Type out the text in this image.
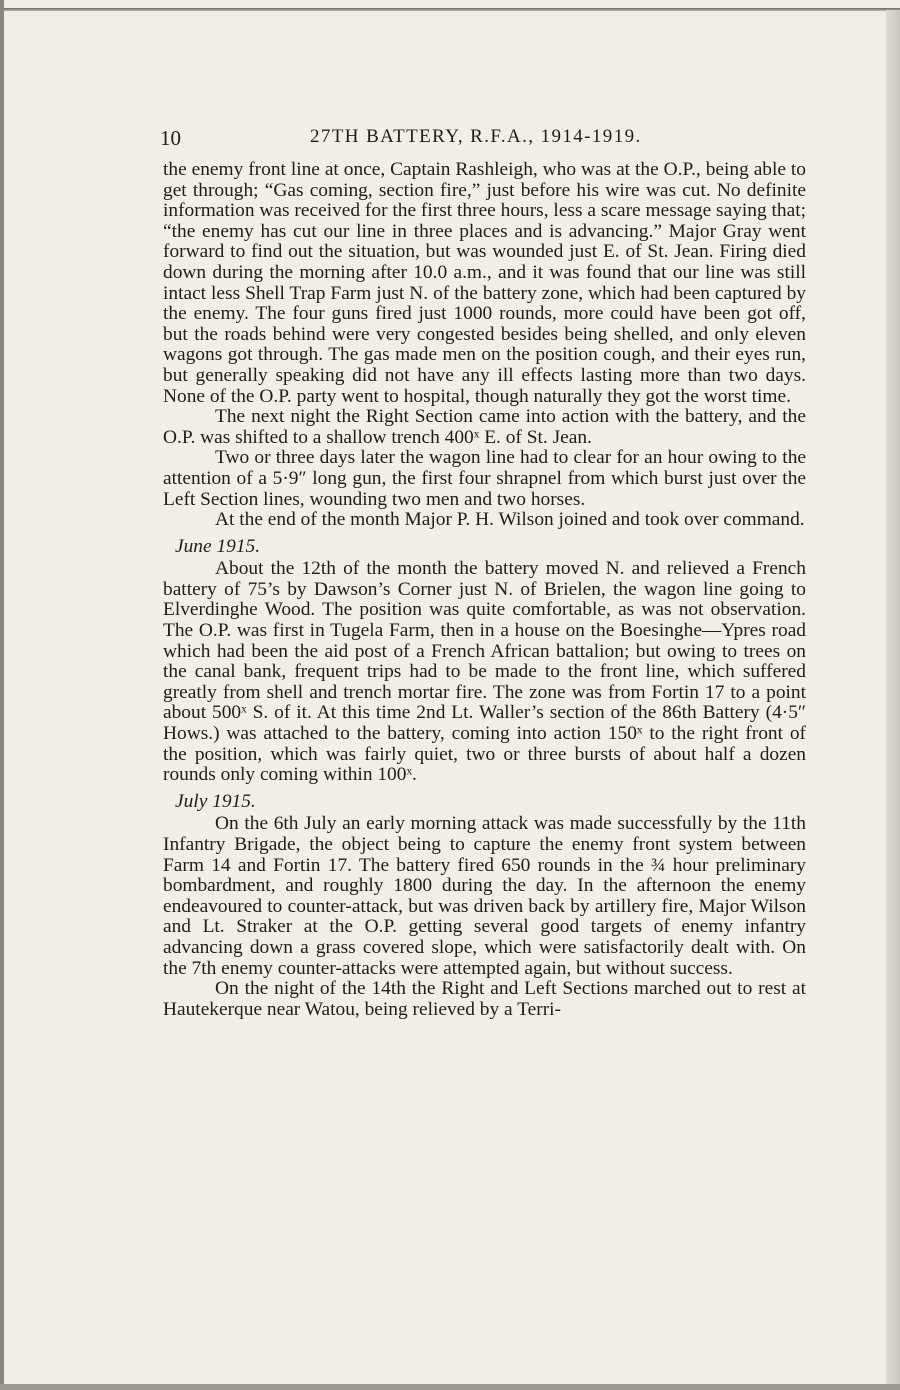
10	27TH BATTERY, R.F.A., 1914-1919.

the enemy front line at once, Captain Rashleigh, who was at the O.P., being able to get through; “Gas coming, section fire,” just before his wire was cut. No definite information was received for the first three hours, less a scare message saying that; “the enemy has cut our line in three places and is advancing.” Major Gray went forward to find out the situation, but was wounded just E. of St. Jean. Firing died down during the morning after 10.0 a.m., and it was found that our line was still intact less Shell Trap Farm just N. of the battery zone, which had been captured by the enemy. The four guns fired just 1000 rounds, more could have been got off, but the roads behind were very congested besides being shelled, and only eleven wagons got through. The gas made men on the position cough, and their eyes run, but generally speaking did not have any ill effects lasting more than two days. None of the O.P. party went to hospital, though naturally they got the worst time.

The next night the Right Section came into action with the battery, and the O.P. was shifted to a shallow trench 400ˣ E. of St. Jean.

Two or three days later the wagon line had to clear for an hour owing to the attention of a 5·9″ long gun, the first four shrapnel from which burst just over the Left Section lines, wounding two men and two horses.

At the end of the month Major P. H. Wilson joined and took over command.

June 1915.

About the 12th of the month the battery moved N. and relieved a French battery of 75’s by Dawson’s Corner just N. of Brielen, the wagon line going to Elverdinghe Wood. The position was quite comfortable, as was not observation. The O.P. was first in Tugela Farm, then in a house on the Boesinghe—Ypres road which had been the aid post of a French African battalion; but owing to trees on the canal bank, frequent trips had to be made to the front line, which suffered greatly from shell and trench mortar fire. The zone was from Fortin 17 to a point about 500ˣ S. of it. At this time 2nd Lt. Waller’s section of the 86th Battery (4·5″ Hows.) was attached to the battery, coming into action 150ˣ to the right front of the position, which was fairly quiet, two or three bursts of about half a dozen rounds only coming within 100ˣ.

July 1915.

On the 6th July an early morning attack was made successfully by the 11th Infantry Brigade, the object being to capture the enemy front system between Farm 14 and Fortin 17. The battery fired 650 rounds in the ¾ hour preliminary bombardment, and roughly 1800 during the day. In the afternoon the enemy endeavoured to counter-attack, but was driven back by artillery fire, Major Wilson and Lt. Straker at the O.P. getting several good targets of enemy infantry advancing down a grass covered slope, which were satisfactorily dealt with. On the 7th enemy counter-attacks were attempted again, but without success.

On the night of the 14th the Right and Left Sections marched out to rest at Hautekerque near Watou, being relieved by a Terri-
